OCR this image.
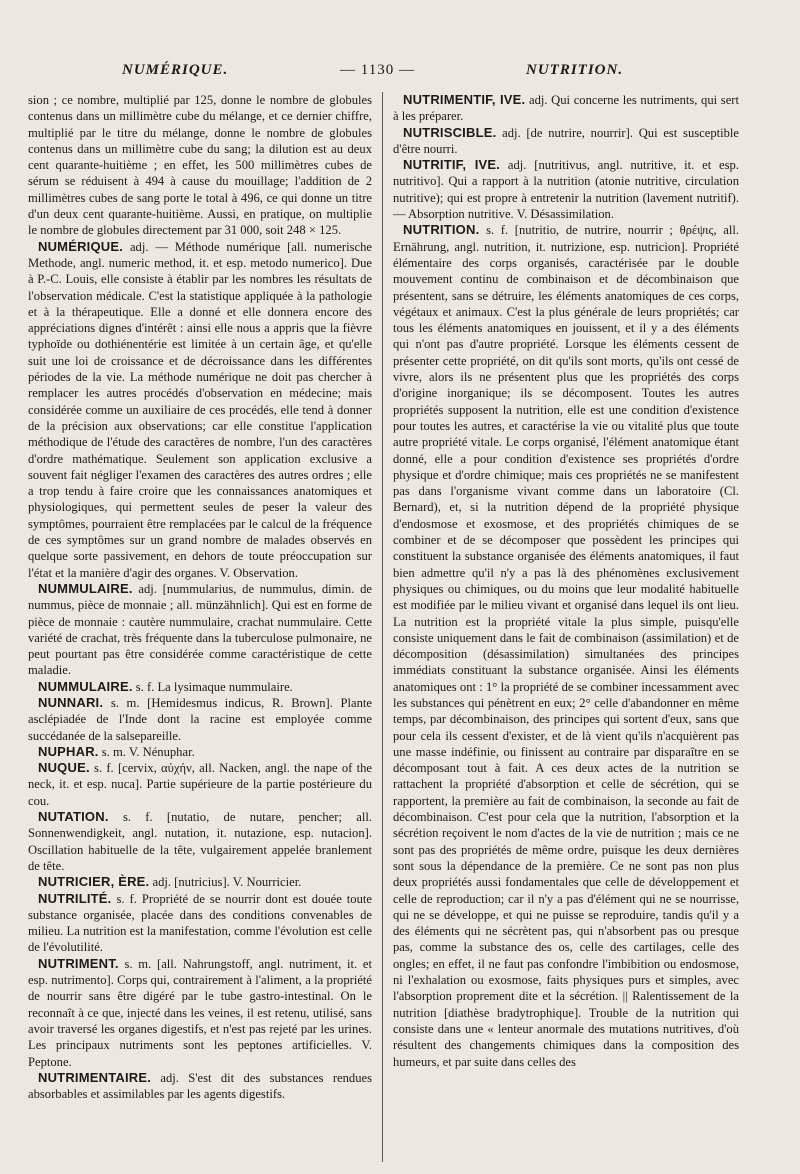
NUMÉRIQUE.	— 1130 —	NUTRITION.

sion ; ce nombre, multiplié par 125, donne le nombre de globules contenus dans un millimètre cube du mélange, et ce dernier chiffre, multiplié par le titre du mélange, donne le nombre de globules contenus dans un millimètre cube du sang; la dilution est au deux cent quarante-huitième ; en effet, les 500 millimètres cubes de sérum se réduisent à 494 à cause du mouillage; l'addition de 2 millimètres cubes de sang porte le total à 496, ce qui donne un titre d'un deux cent quarante-huitième. Aussi, en pratique, on multiplie le nombre de globules directement par 31 000, soit 248 × 125.

NUMÉRIQUE. adj. — Méthode numérique [all. numerische Methode, angl. numeric method, it. et esp. metodo numerico]. Due à P.-C. Louis, elle consiste à établir par les nombres les résultats de l'observation médicale. C'est la statistique appliquée à la pathologie et à la thérapeutique. Elle a donné et elle donnera encore des appréciations dignes d'intérêt : ainsi elle nous a appris que la fièvre typhoïde ou dothiénentérie est limitée à un certain âge, et qu'elle suit une loi de croissance et de décroissance dans les différentes périodes de la vie. La méthode numérique ne doit pas chercher à remplacer les autres procédés d'observation en médecine; mais considérée comme un auxiliaire de ces procédés, elle tend à donner de la précision aux observations; car elle constitue l'application méthodique de l'étude des caractères de nombre, l'un des caractères d'ordre mathématique. Seulement son application exclusive a souvent fait négliger l'examen des caractères des autres ordres ; elle a trop tendu à faire croire que les connaissances anatomiques et physiologiques, qui permettent seules de peser la valeur des symptômes, pourraient être remplacées par le calcul de la fréquence de ces symptômes sur un grand nombre de malades observés en quelque sorte passivement, en dehors de toute préoccupation sur l'état et la manière d'agir des organes. V. Observation.

NUMMULAIRE. adj. [nummularius, de nummulus, dimin. de nummus, pièce de monnaie ; all. münzähnlich]. Qui est en forme de pièce de monnaie : cautère nummulaire, crachat nummulaire. Cette variété de crachat, très fréquente dans la tuberculose pulmonaire, ne peut pourtant pas être considérée comme caractéristique de cette maladie.

NUMMULAIRE. s. f. La lysimaque nummulaire.

NUNNARI. s. m. [Hemidesmus indicus, R. Brown]. Plante asclépiadée de l'Inde dont la racine est employée comme succédanée de la salsepareille.

NUPHAR. s. m. V. Nénuphar.

NUQUE. s. f. [cervix, αὐχήν, all. Nacken, angl. the nape of the neck, it. et esp. nuca]. Partie supérieure de la partie postérieure du cou.

NUTATION. s. f. [nutatio, de nutare, pencher; all. Sonnenwendigkeit, angl. nutation, it. nutazione, esp. nutacion]. Oscillation habituelle de la tête, vulgairement appelée branlement de tête.

NUTRICIER, ÈRE. adj. [nutricius]. V. Nourricier.

NUTRILITÉ. s. f. Propriété de se nourrir dont est douée toute substance organisée, placée dans des conditions convenables de milieu. La nutrition est la manifestation, comme l'évolution est celle de l'évolutilité.

NUTRIMENT. s. m. [all. Nahrungstoff, angl. nutriment, it. et esp. nutrimento]. Corps qui, contrairement à l'aliment, a la propriété de nourrir sans être digéré par le tube gastro-intestinal. On le reconnaît à ce que, injecté dans les veines, il est retenu, utilisé, sans avoir traversé les organes digestifs, et n'est pas rejeté par les urines. Les principaux nutriments sont les peptones artificielles. V. Peptone.

NUTRIMENTAIRE. adj. S'est dit des substances rendues absorbables et assimilables par les agents digestifs.

NUTRIMENTIF, IVE. adj. Qui concerne les nutriments, qui sert à les préparer.

NUTRISCIBLE. adj. [de nutrire, nourrir]. Qui est susceptible d'être nourri.

NUTRITIF, IVE. adj. [nutritivus, angl. nutritive, it. et esp. nutritivo]. Qui a rapport à la nutrition (atonie nutritive, circulation nutritive); qui est propre à entretenir la nutrition (lavement nutritif). — Absorption nutritive. V. Désassimilation.

NUTRITION. s. f. [nutritio, de nutrire, nourrir ; θρέψις, all. Ernährung, angl. nutrition, it. nutrizione, esp. nutricion]. Propriété élémentaire des corps organisés, caractérisée par le double mouvement continu de combinaison et de décombinaison que présentent, sans se détruire, les éléments anatomiques de ces corps, végétaux et animaux. C'est la plus générale de leurs propriétés; car tous les éléments anatomiques en jouissent, et il y a des éléments qui n'ont pas d'autre propriété. Lorsque les éléments cessent de présenter cette propriété, on dit qu'ils sont morts, qu'ils ont cessé de vivre, alors ils ne présentent plus que les propriétés des corps d'origine inorganique; ils se décomposent. Toutes les autres propriétés supposent la nutrition, elle est une condition d'existence pour toutes les autres, et caractérise la vie ou vitalité plus que toute autre propriété vitale. Le corps organisé, l'élément anatomique étant donné, elle a pour condition d'existence ses propriétés d'ordre physique et d'ordre chimique; mais ces propriétés ne se manifestent pas dans l'organisme vivant comme dans un laboratoire (Cl. Bernard), et, si la nutrition dépend de la propriété physique d'endosmose et exosmose, et des propriétés chimiques de se combiner et de se décomposer que possèdent les principes qui constituent la substance organisée des éléments anatomiques, il faut bien admettre qu'il n'y a pas là des phénomènes exclusivement physiques ou chimiques, ou du moins que leur modalité habituelle est modifiée par le milieu vivant et organisé dans lequel ils ont lieu. La nutrition est la propriété vitale la plus simple, puisqu'elle consiste uniquement dans le fait de combinaison (assimilation) et de décomposition (désassimilation) simultanées des principes immédiats constituant la substance organisée. Ainsi les éléments anatomiques ont : 1° la propriété de se combiner incessamment avec les substances qui pénètrent en eux; 2° celle d'abandonner en même temps, par décombinaison, des principes qui sortent d'eux, sans que pour cela ils cessent d'exister, et de là vient qu'ils n'acquièrent pas une masse indéfinie, ou finissent au contraire par disparaître en se décomposant tout à fait. A ces deux actes de la nutrition se rattachent la propriété d'absorption et celle de sécrétion, qui se rapportent, la première au fait de combinaison, la seconde au fait de décombinaison. C'est pour cela que la nutrition, l'absorption et la sécrétion reçoivent le nom d'actes de la vie de nutrition ; mais ce ne sont pas des propriétés de même ordre, puisque les deux dernières sont sous la dépendance de la première. Ce ne sont pas non plus deux propriétés aussi fondamentales que celle de développement et celle de reproduction; car il n'y a pas d'élément qui ne se nourrisse, qui ne se développe, et qui ne puisse se reproduire, tandis qu'il y a des éléments qui ne sécrètent pas, qui n'absorbent pas ou presque pas, comme la substance des os, celle des cartilages, celle des ongles; en effet, il ne faut pas confondre l'imbibition ou endosmose, ni l'exhalation ou exosmose, faits physiques purs et simples, avec l'absorption proprement dite et la sécrétion. || Ralentissement de la nutrition [diathèse bradytrophique]. Trouble de la nutrition qui consiste dans une « lenteur anormale des mutations nutritives, d'où résultent des changements chimiques dans la composition des humeurs, et par suite dans celles des
